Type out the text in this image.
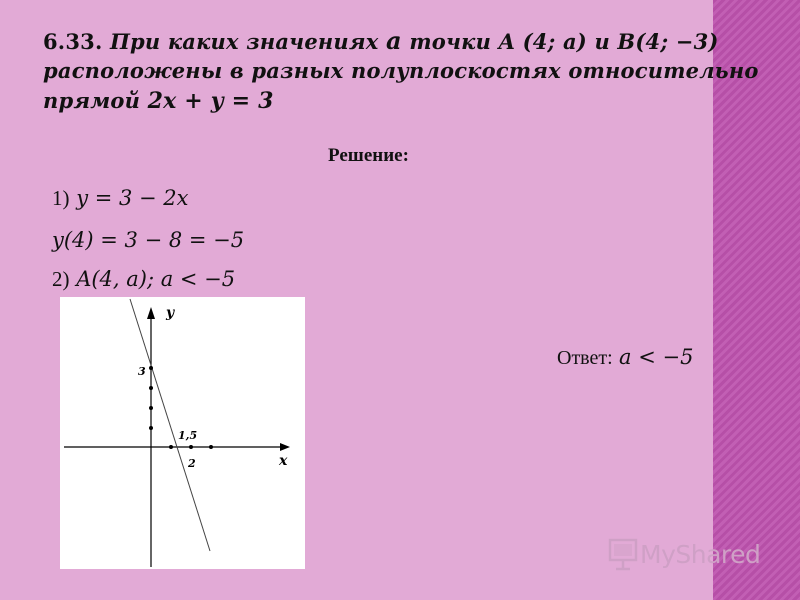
6.33. При каких значениях a точки A (4; a) и B(4; −3)
расположены в разных полуплоскостях относительно
прямой 2x + y = 3
Решение:
1) y = 3 − 2x
y(4) = 3 − 8 = −5
2) A(4, a); a < −5
y
x
3
1,5
2
Ответ: a < −5
MyShared
